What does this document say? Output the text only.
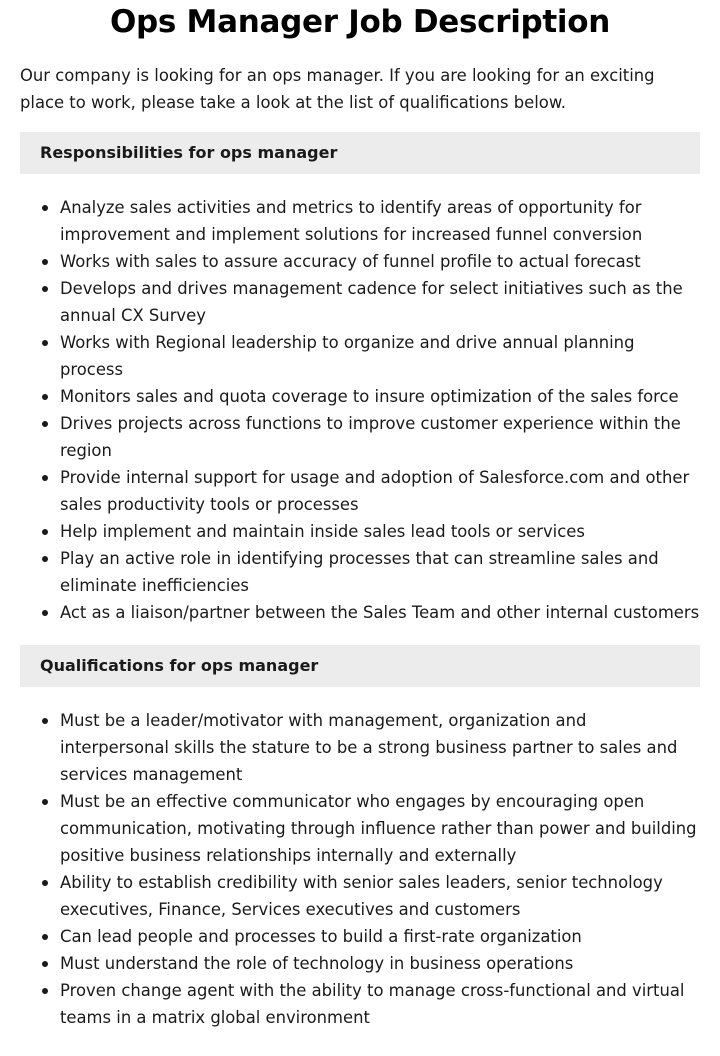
Ops Manager Job Description

Our company is looking for an ops manager. If you are looking for an exciting place to work, please take a look at the list of qualifications below.

Responsibilities for ops manager
Analyze sales activities and metrics to identify areas of opportunity for improvement and implement solutions for increased funnel conversion
Works with sales to assure accuracy of funnel profile to actual forecast
Develops and drives management cadence for select initiatives such as the annual CX Survey
Works with Regional leadership to organize and drive annual planning process
Monitors sales and quota coverage to insure optimization of the sales force
Drives projects across functions to improve customer experience within the region
Provide internal support for usage and adoption of Salesforce.com and other sales productivity tools or processes
Help implement and maintain inside sales lead tools or services
Play an active role in identifying processes that can streamline sales and eliminate inefficiencies
Act as a liaison/partner between the Sales Team and other internal customers
Qualifications for ops manager
Must be a leader/motivator with management, organization and interpersonal skills the stature to be a strong business partner to sales and services management
Must be an effective communicator who engages by encouraging open communication, motivating through influence rather than power and building positive business relationships internally and externally
Ability to establish credibility with senior sales leaders, senior technology executives, Finance, Services executives and customers
Can lead people and processes to build a first-rate organization
Must understand the role of technology in business operations
Proven change agent with the ability to manage cross-functional and virtual teams in a matrix global environment
